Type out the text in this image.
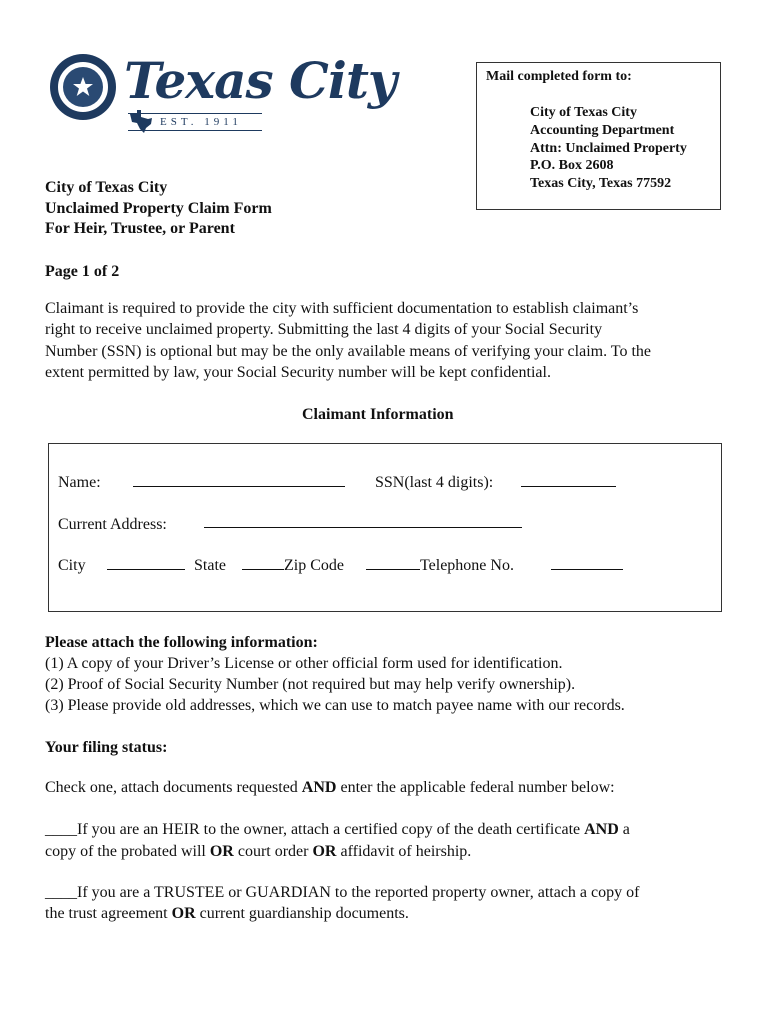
Texas City
EST. 1911
Mail completed form to:
City of Texas City
Accounting Department
Attn: Unclaimed Property
P.O. Box 2608
Texas City, Texas 77592
City of Texas City
Unclaimed Property Claim Form
For Heir, Trustee, or Parent
Page 1 of 2
Claimant is required to provide the city with sufficient documentation to establish claimant’s
right to receive unclaimed property. Submitting the last 4 digits of your Social Security
Number (SSN) is optional but may be the only available means of verifying your claim. To the
extent permitted by law, your Social Security number will be kept confidential.
Claimant Information
Name:	SSN(last 4 digits):
Current Address:
City	State	Zip Code	Telephone No.
Please attach the following information:
(1) A copy of your Driver’s License or other official form used for identification.
(2) Proof of Social Security Number (not required but may help verify ownership).
(3) Please provide old addresses, which we can use to match payee name with our records.
Your filing status:
Check one, attach documents requested AND enter the applicable federal number below:
____If you are an HEIR to the owner, attach a certified copy of the death certificate AND a
copy of the probated will OR court order OR affidavit of heirship.
____If you are a TRUSTEE or GUARDIAN to the reported property owner, attach a copy of
the trust agreement OR current guardianship documents.
